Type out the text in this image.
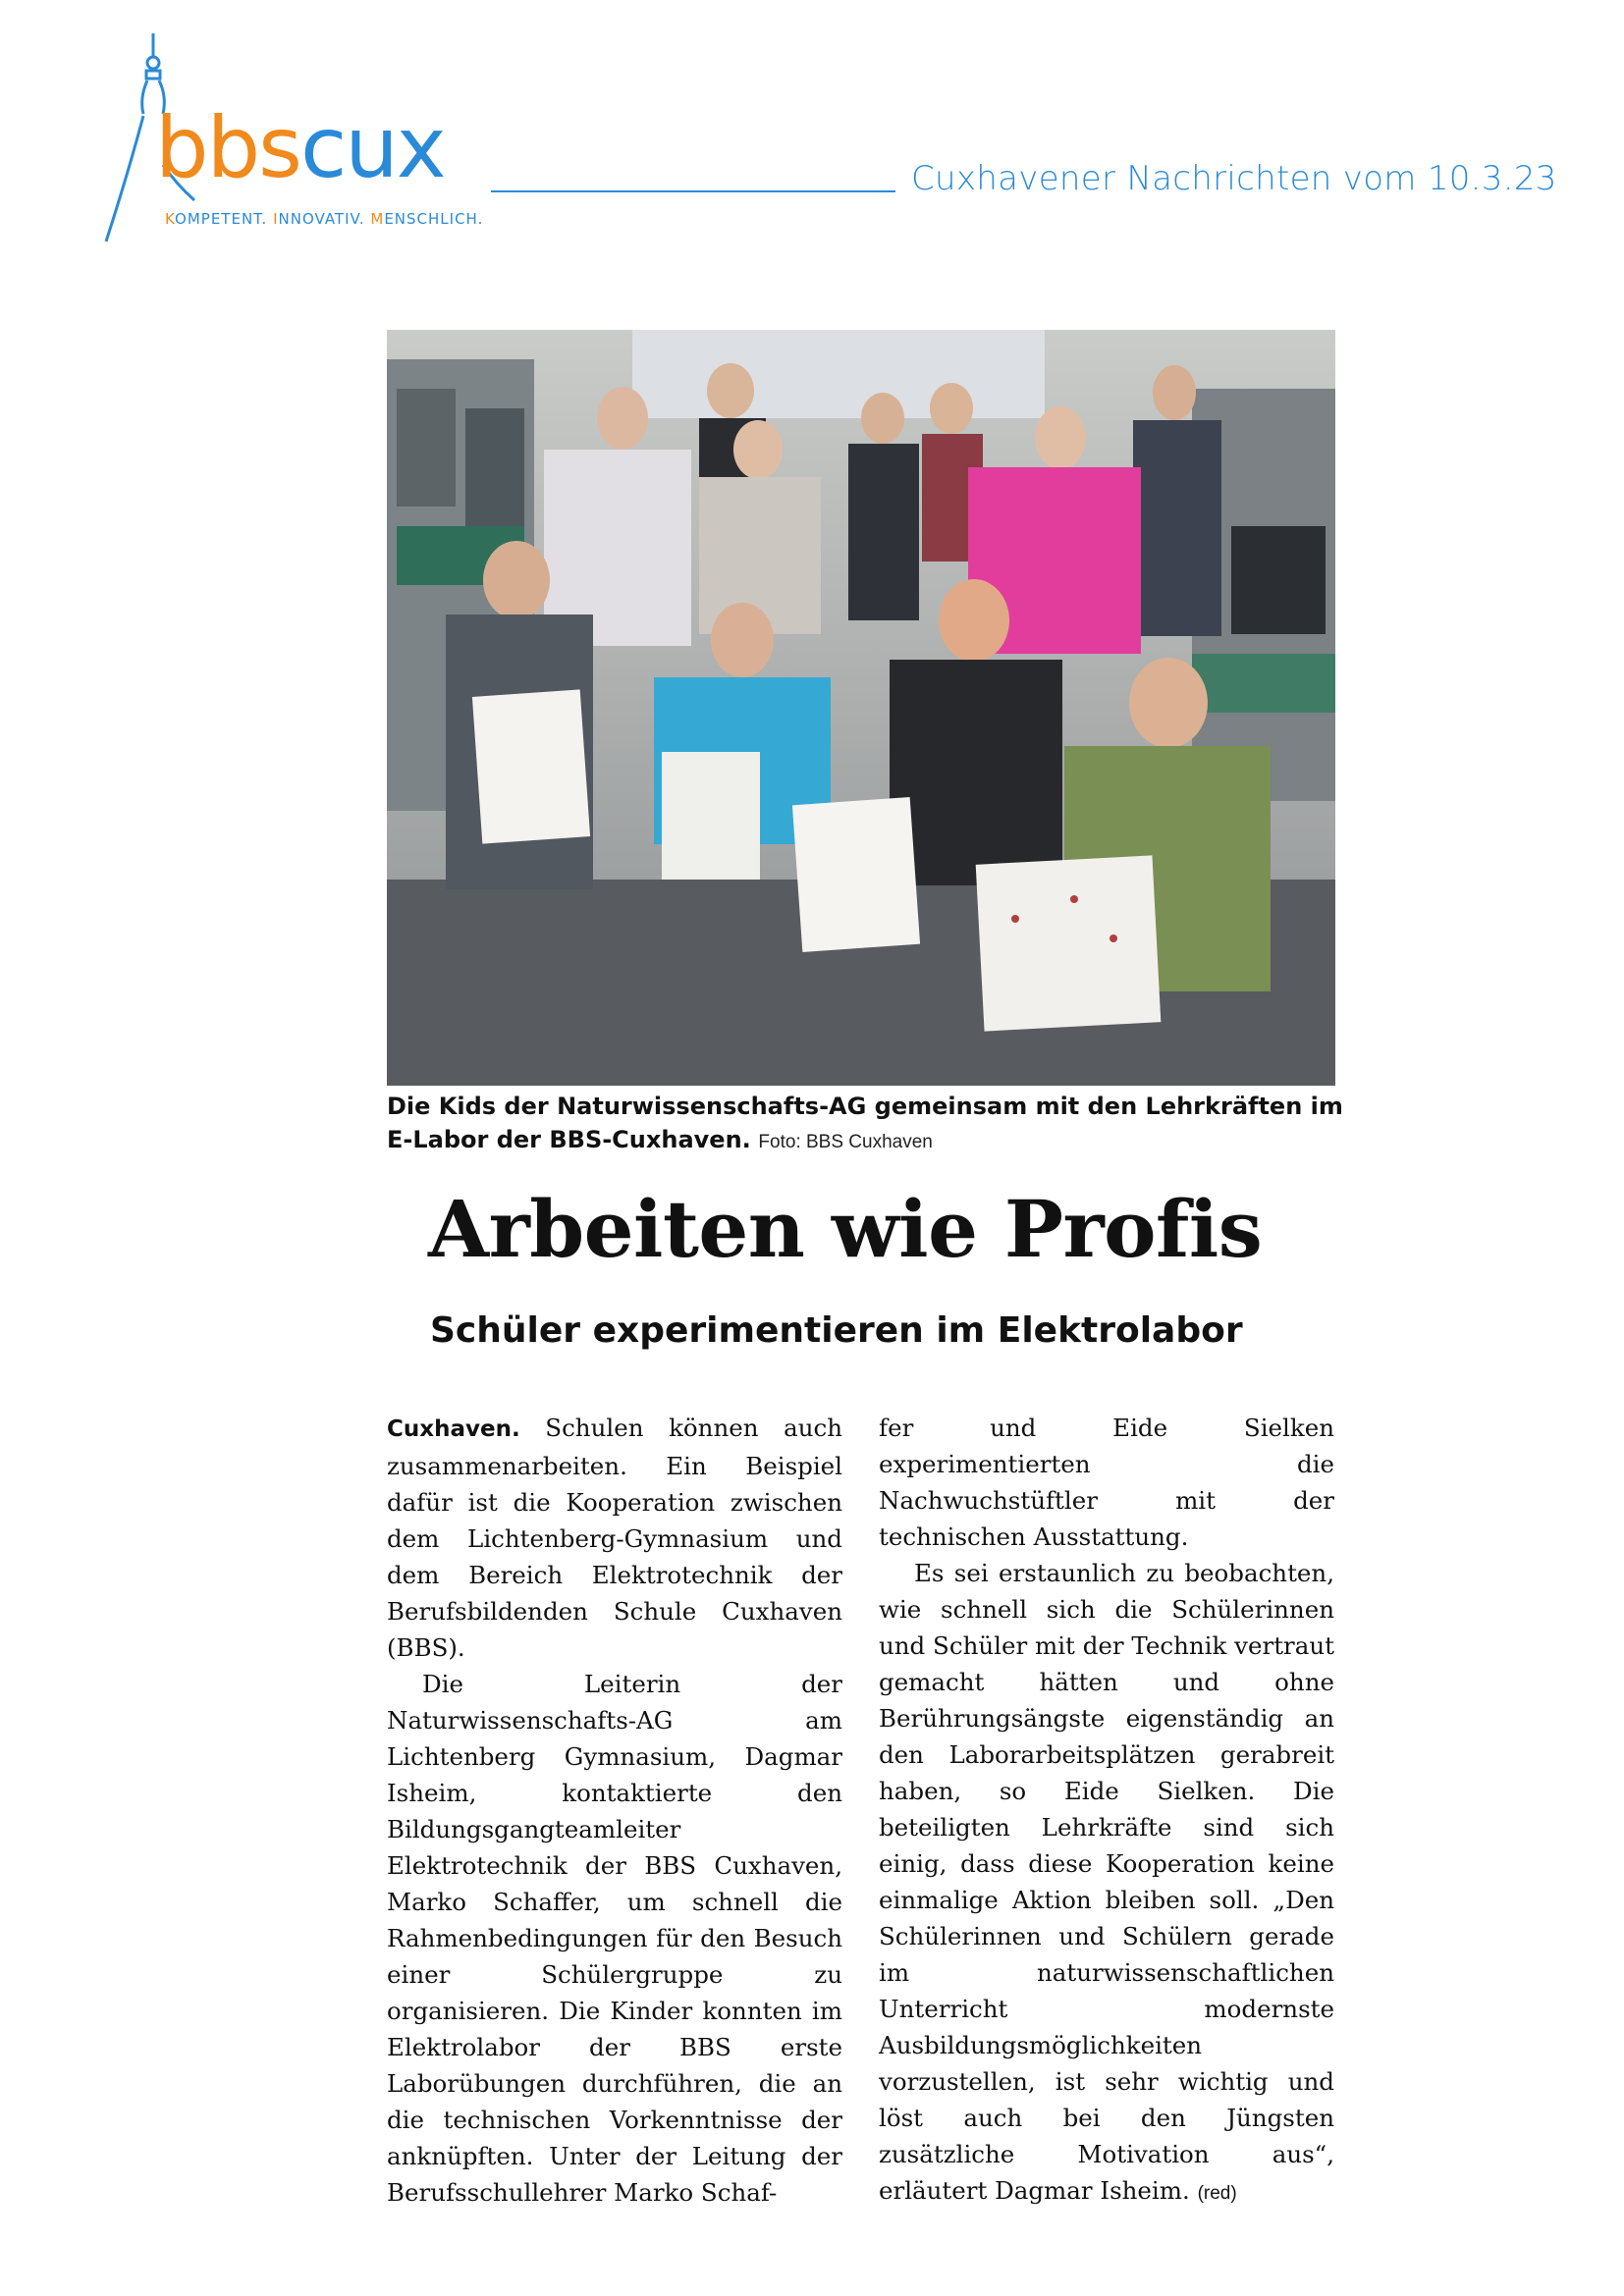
bbscux

KOMPETENT. INNOVATIV. MENSCHLICH.

Cuxhavener Nachrichten vom 10.3.23

Die Kids der Naturwissenschafts-AG gemeinsam mit den Lehrkräften im E-Labor der BBS-Cuxhaven. Foto: BBS Cuxhaven

Arbeiten wie Profis
Schüler experimentieren im Elektrolabor

Cuxhaven. Schulen können auch zusammenarbeiten. Ein Beispiel dafür ist die Kooperation zwischen dem Lichtenberg-Gymnasium und dem Bereich Elektrotechnik der Berufsbildenden Schule Cuxhaven (BBS).

Die Leiterin der Naturwissenschafts-AG am Lichtenberg Gymnasium, Dagmar Isheim, kontaktierte den Bildungsgangteamleiter Elektrotechnik der BBS Cuxhaven, Marko Schaffer, um schnell die Rahmenbedingungen für den Besuch einer Schülergruppe zu organisieren. Die Kinder konnten im Elektrolabor der BBS erste Laborübungen durchführen, die an die technischen Vorkenntnisse der anknüpften. Unter der Leitung der Berufsschullehrer Marko Schaf-

fer und Eide Sielken experimentierten die Nachwuchstüftler mit der technischen Ausstattung.

Es sei erstaunlich zu beobachten, wie schnell sich die Schülerinnen und Schüler mit der Technik vertraut gemacht hätten und ohne Berührungsängste eigenständig an den Laborarbeitsplätzen gerabreit haben, so Eide Sielken. Die beteiligten Lehrkräfte sind sich einig, dass diese Kooperation keine einmalige Aktion bleiben soll. „Den Schülerinnen und Schülern gerade im naturwissenschaftlichen Unterricht modernste Ausbildungsmöglichkeiten vorzustellen, ist sehr wichtig und löst auch bei den Jüngsten zusätzliche Motivation aus“, erläutert Dagmar Isheim. (red)
